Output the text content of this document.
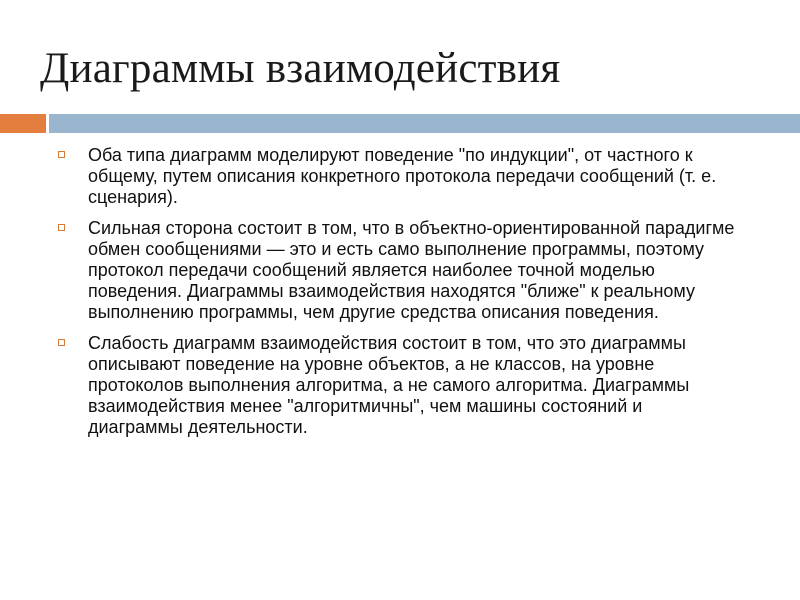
Диаграммы взаимодействия
Оба типа диаграмм моделируют поведение "по индукции", от частного к общему, путем описания конкретного протокола передачи сообщений (т. е. сценария).
Сильная сторона состоит в том, что в объектно-ориентированной парадигме обмен сообщениями — это и есть само выполнение программы, поэтому протокол передачи сообщений является наиболее точной моделью поведения. Диаграммы взаимодействия находятся "ближе" к реальному выполнению программы, чем другие средства описания поведения.
Слабость диаграмм взаимодействия состоит в том, что это диаграммы описывают поведение на уровне объектов, а не классов, на уровне протоколов выполнения алгоритма, а не самого алгоритма. Диаграммы взаимодействия менее "алгоритмичны", чем машины состояний и диаграммы деятельности.
